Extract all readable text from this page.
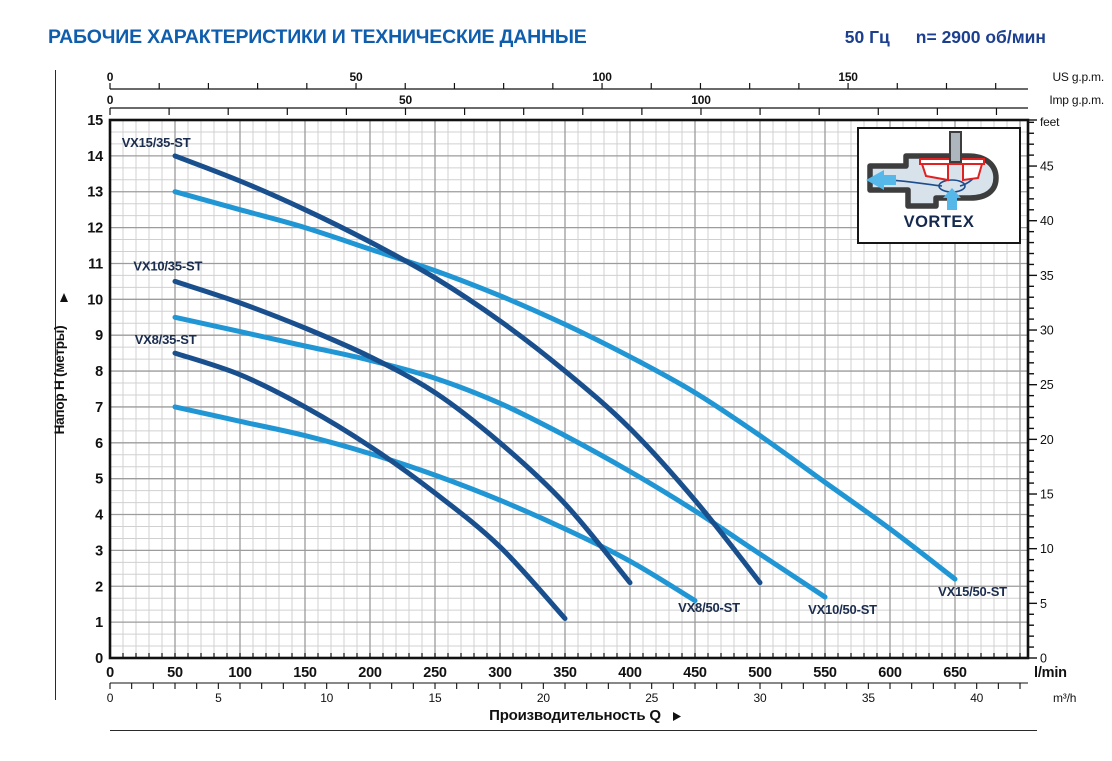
РАБОЧИЕ ХАРАКТЕРИСТИКИ И ТЕХНИЧЕСКИЕ ДАННЫЕ	50 Гц n= 2900 об/мин
0	50	100	150	US g.p.m.
0	50	100	Imp g.p.m.
0
5
10
15
20
25
30
35
40
45
feet
0	50	100	150	200	250	300	350	400	450	500	550	600	650	l/min
0	5	10	15	20	25	30	35	40	m³/h
0
1
2
3
4
5
6
7
8
9
10
11
12
13
14
15
Напор H (метры)
Производительность Q
VX15/50-ST
VX10/50-ST
VX8/50-ST
VX15/35-ST
VX10/35-ST
VX8/35-ST
VORTEX
